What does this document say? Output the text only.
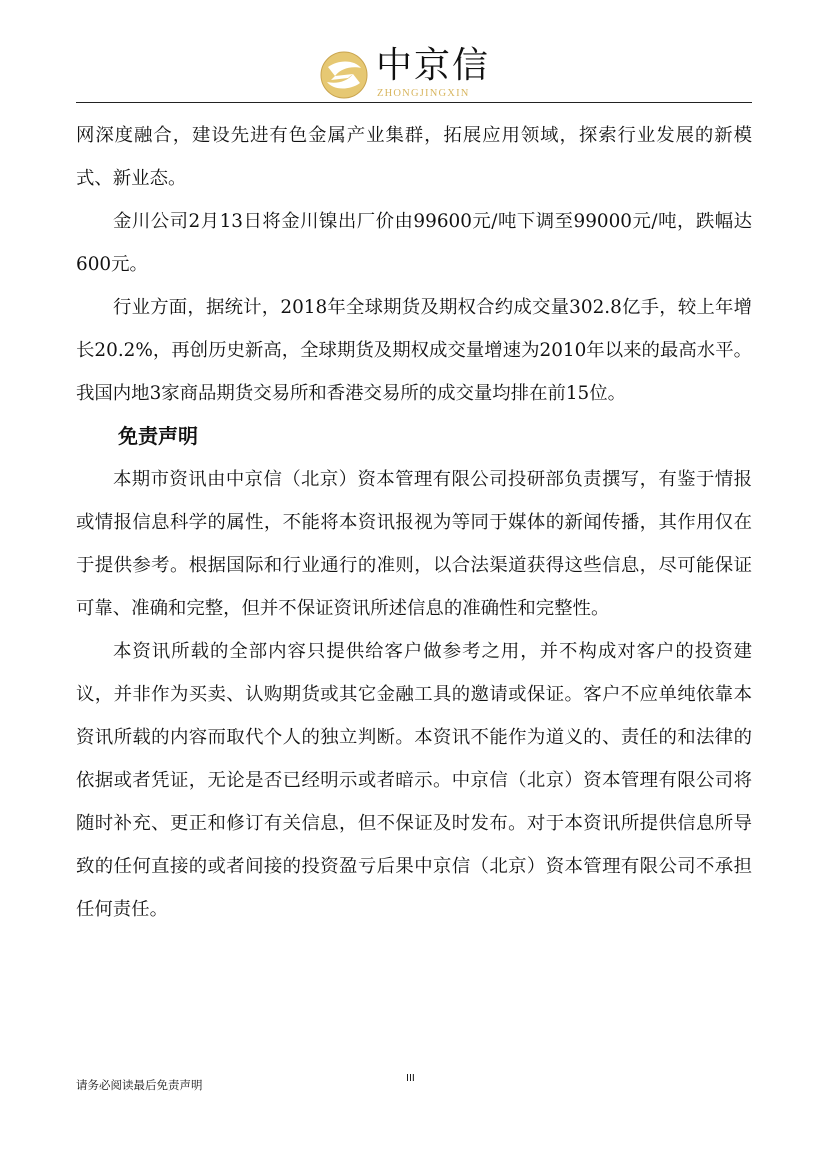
中京信
ZHONGJINGXIN

网深度融合，建设先进有色金属产业集群，拓展应用领域，探索行业发展的新模式、新业态。

金川公司2月13日将金川镍出厂价由99600元/吨下调至99000元/吨，跌幅达600元。

行业方面，据统计，2018年全球期货及期权合约成交量302.8亿手，较上年增长20.2%，再创历史新高，全球期货及期权成交量增速为2010年以来的最高水平。我国内地3家商品期货交易所和香港交易所的成交量均排在前15位。

免责声明

本期市资讯由中京信（北京）资本管理有限公司投研部负责撰写，有鉴于情报或情报信息科学的属性，不能将本资讯报视为等同于媒体的新闻传播，其作用仅在于提供参考。根据国际和行业通行的准则，以合法渠道获得这些信息，尽可能保证可靠、准确和完整，但并不保证资讯所述信息的准确性和完整性。

本资讯所载的全部内容只提供给客户做参考之用，并不构成对客户的投资建议，并非作为买卖、认购期货或其它金融工具的邀请或保证。客户不应单纯依靠本资讯所载的内容而取代个人的独立判断。本资讯不能作为道义的、责任的和法律的依据或者凭证，无论是否已经明示或者暗示。中京信（北京）资本管理有限公司将随时补充、更正和修订有关信息，但不保证及时发布。对于本资讯所提供信息所导致的任何直接的或者间接的投资盈亏后果中京信（北京）资本管理有限公司不承担任何责任。

请务必阅读最后免责声明	III
